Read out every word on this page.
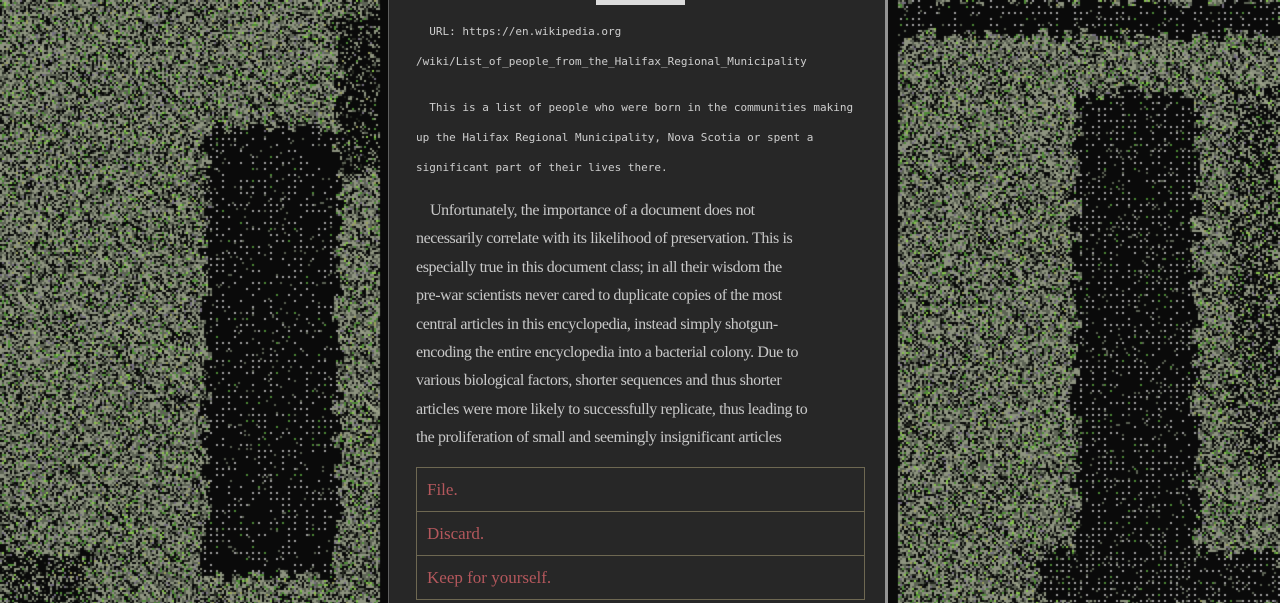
URL: https://en.wikipedia.org
/wiki/List_of_people_from_the_Halifax_Regional_Municipality
This is a list of people who were born in the communities making
up the Halifax Regional Municipality, Nova Scotia or spent a
significant part of their lives there.
Unfortunately, the importance of a document does not
necessarily correlate with its likelihood of preservation. This is
especially true in this document class; in all their wisdom the
pre-war scientists never cared to duplicate copies of the most
central articles in this encyclopedia, instead simply shotgun-
encoding the entire encyclopedia into a bacterial colony. Due to
various biological factors, shorter sequences and thus shorter
articles were more likely to successfully replicate, thus leading to
the proliferation of small and seemingly insignificant articles
File.
Discard.
Keep for yourself.
